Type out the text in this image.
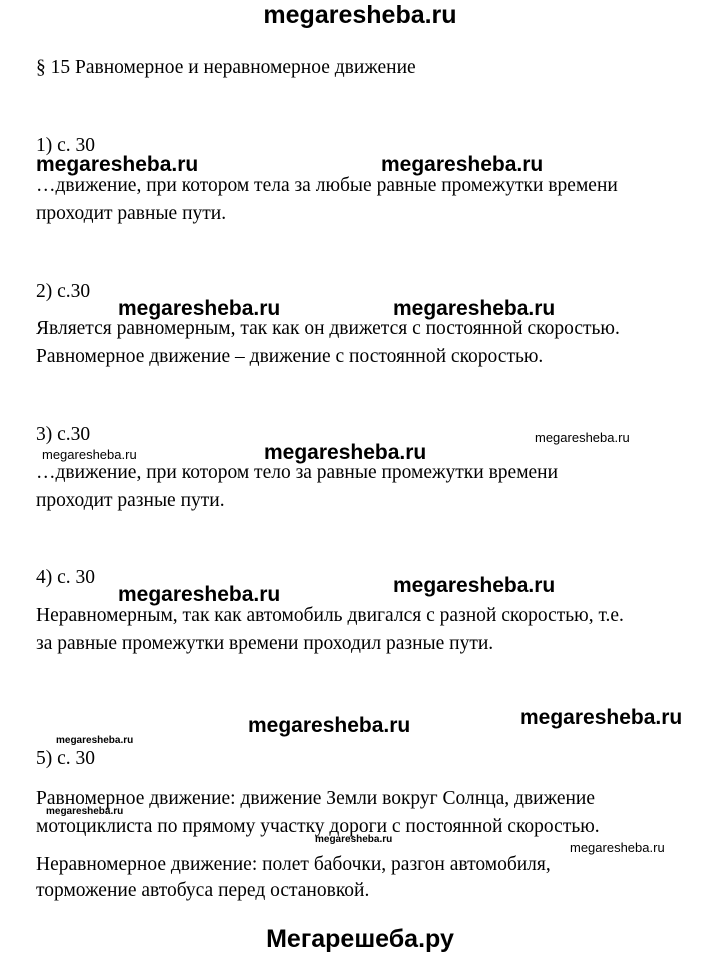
megaresheba.ru
§ 15 Равномерное и неравномерное движение
1) с. 30
…движение, при котором тела за любые равные промежутки времени
проходит равные пути.
2) с.30
Является равномерным, так как он движется с постоянной скоростью.
Равномерное движение – движение с постоянной скоростью.
3) с.30
…движение, при котором тело за равные промежутки времени
проходит разные пути.
4) с. 30
Неравномерным, так как автомобиль двигался с разной скоростью, т.е.
за равные промежутки времени проходил разные пути.
5) с. 30
Равномерное движение: движение Земли вокруг Солнца, движение
мотоциклиста по прямому участку дороги с постоянной скоростью.
Неравномерное движение: полет бабочки, разгон автомобиля,
торможение автобуса перед остановкой.
megaresheba.ru	megaresheba.ru
megaresheba.ru	megaresheba.ru
megaresheba.ru	megaresheba.ru
megaresheba.ru
megaresheba.ru	megaresheba.ru
megaresheba.ru	megaresheba.ru
megaresheba.ru
megaresheba.ru
megaresheba.ru
megaresheba.ru
Мегарешеба.ру
